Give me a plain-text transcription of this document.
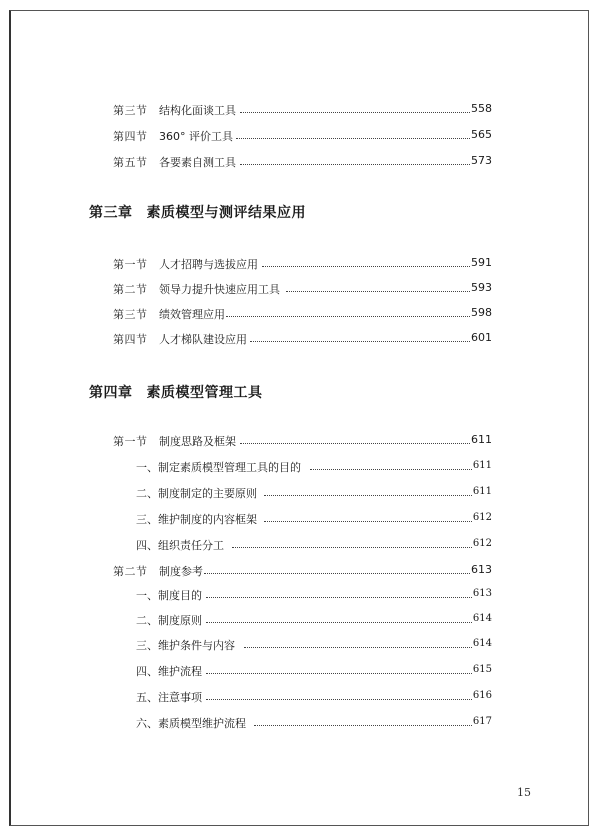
第三节 结构化面谈工具	558
第四节 360° 评价工具	565
第五节 各要素自测工具	573
第三章 素质模型与测评结果应用
第一节 人才招聘与选拔应用	591
第二节 领导力提升快速应用工具	593
第三节 绩效管理应用	598
第四节 人才梯队建设应用	601
第四章 素质模型管理工具
第一节 制度思路及框架	611
一、制定素质模型管理工具的目的	611
二、制度制定的主要原则	611
三、维护制度的内容框架	612
四、组织责任分工	612
第二节 制度参考	613
一、制度目的	613
二、制度原则	614
三、维护条件与内容	614
四、维护流程	615
五、注意事项	616
六、素质模型维护流程	617
15
